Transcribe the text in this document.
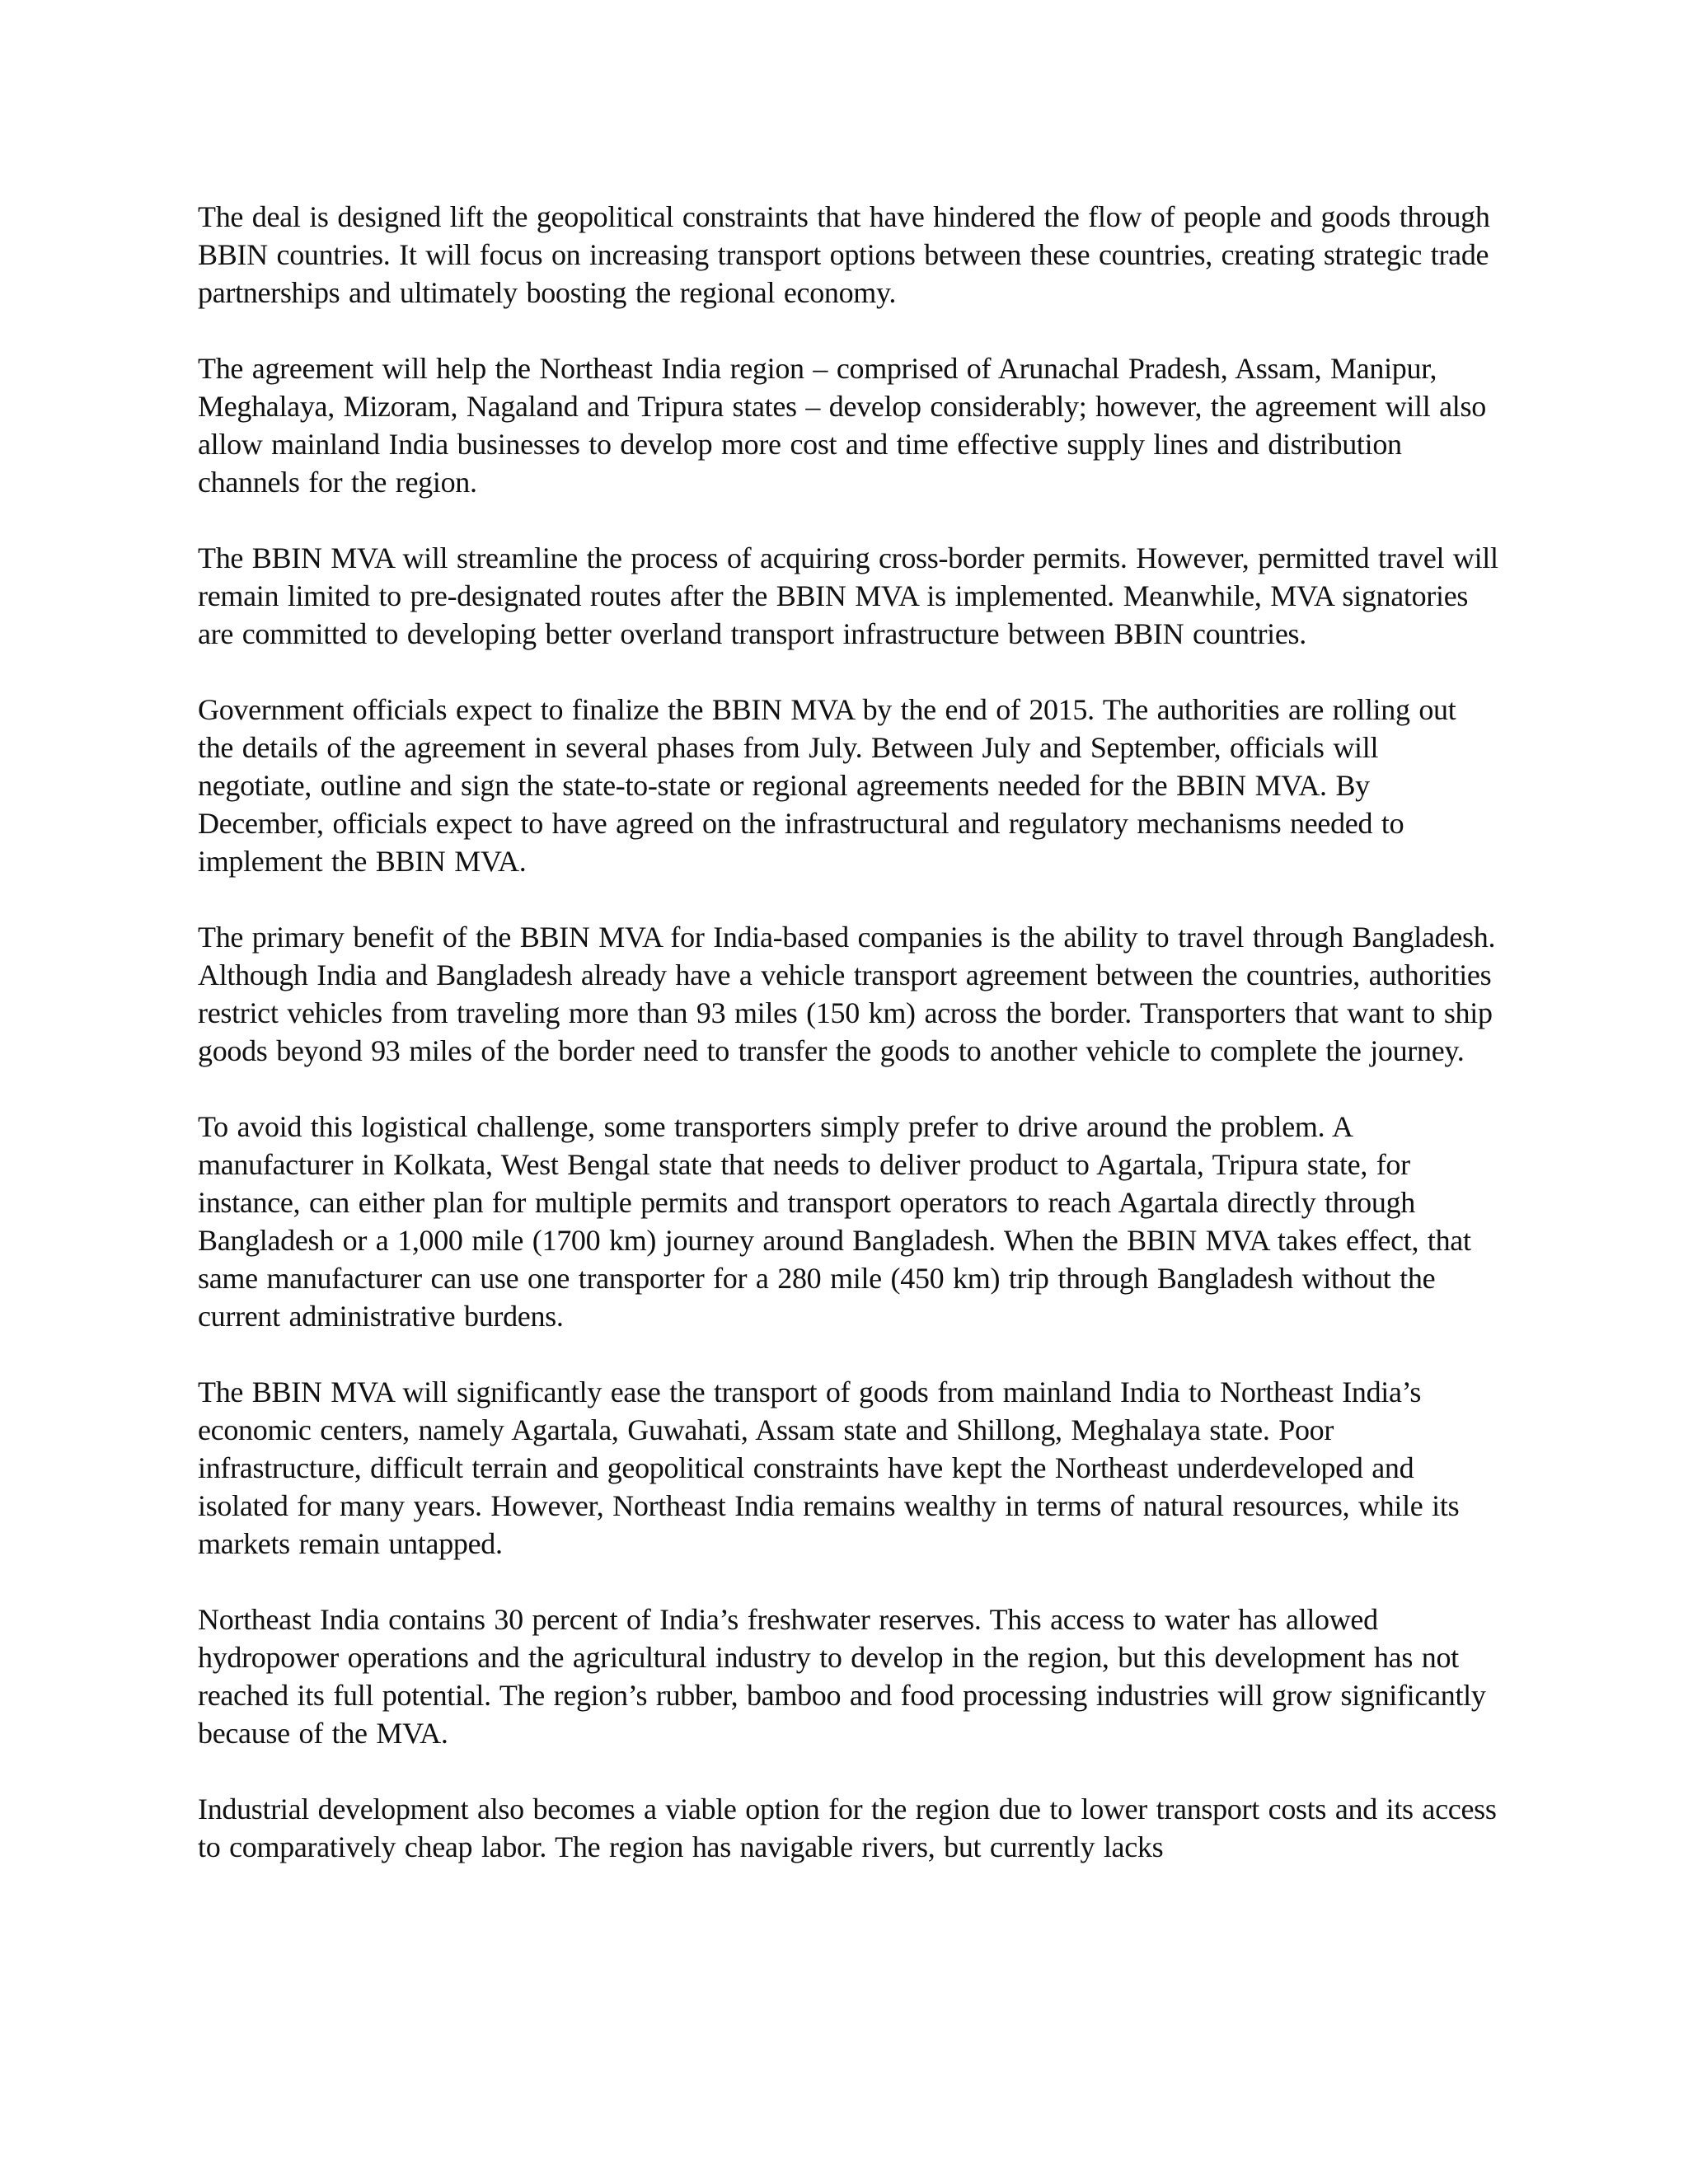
The deal is designed lift the geopolitical constraints that have hindered the flow of people and goods through BBIN countries. It will focus on increasing transport options between these countries, creating strategic trade partnerships and ultimately boosting the regional economy.

The agreement will help the Northeast India region – comprised of Arunachal Pradesh, Assam, Manipur, Meghalaya, Mizoram, Nagaland and Tripura states – develop considerably; however, the agreement will also allow mainland India businesses to develop more cost and time effective supply lines and distribution channels for the region.

The BBIN MVA will streamline the process of acquiring cross-border permits. However, permitted travel will remain limited to pre-designated routes after the BBIN MVA is implemented. Meanwhile, MVA signatories are committed to developing better overland transport infrastructure between BBIN countries.

Government officials expect to finalize the BBIN MVA by the end of 2015. The authorities are rolling out the details of the agreement in several phases from July. Between July and September, officials will negotiate, outline and sign the state-to-state or regional agreements needed for the BBIN MVA. By December, officials expect to have agreed on the infrastructural and regulatory mechanisms needed to implement the BBIN MVA.

The primary benefit of the BBIN MVA for India-based companies is the ability to travel through Bangladesh. Although India and Bangladesh already have a vehicle transport agreement between the countries, authorities restrict vehicles from traveling more than 93 miles (150 km) across the border. Transporters that want to ship goods beyond 93 miles of the border need to transfer the goods to another vehicle to complete the journey.

To avoid this logistical challenge, some transporters simply prefer to drive around the problem. A manufacturer in Kolkata, West Bengal state that needs to deliver product to Agartala, Tripura state, for instance, can either plan for multiple permits and transport operators to reach Agartala directly through Bangladesh or a 1,000 mile (1700 km) journey around Bangladesh. When the BBIN MVA takes effect, that same manufacturer can use one transporter for a 280 mile (450 km) trip through Bangladesh without the current administrative burdens.

The BBIN MVA will significantly ease the transport of goods from mainland India to Northeast India’s economic centers, namely Agartala, Guwahati, Assam state and Shillong, Meghalaya state. Poor infrastructure, difficult terrain and geopolitical constraints have kept the Northeast underdeveloped and isolated for many years. However, Northeast India remains wealthy in terms of natural resources, while its markets remain untapped.

Northeast India contains 30 percent of India’s freshwater reserves. This access to water has allowed hydropower operations and the agricultural industry to develop in the region, but this development has not reached its full potential. The region’s rubber, bamboo and food processing industries will grow significantly because of the MVA.

Industrial development also becomes a viable option for the region due to lower transport costs and its access to comparatively cheap labor. The region has navigable rivers, but currently lacks
